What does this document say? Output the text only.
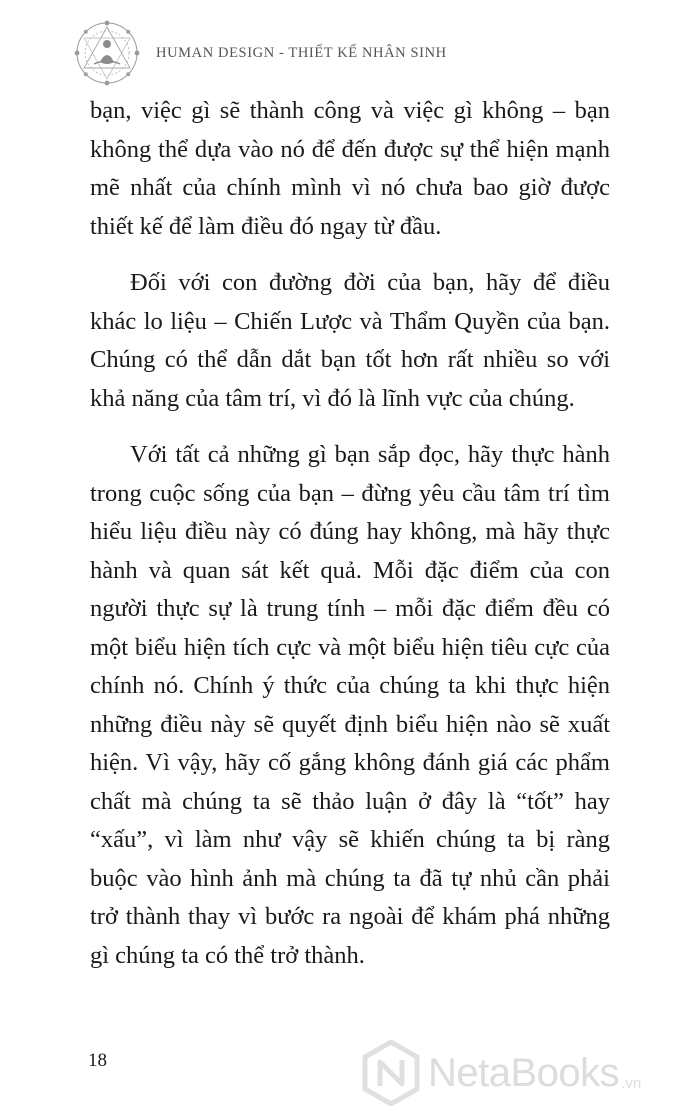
HUMAN DESIGN - THIẾT KẾ NHÂN SINH

bạn, việc gì sẽ thành công và việc gì không – bạn không thể dựa vào nó để đến được sự thể hiện mạnh mẽ nhất của chính mình vì nó chưa bao giờ được thiết kế để làm điều đó ngay từ đầu.

Đối với con đường đời của bạn, hãy để điều khác lo liệu – Chiến Lược và Thẩm Quyền của bạn. Chúng có thể dẫn dắt bạn tốt hơn rất nhiều so với khả năng của tâm trí, vì đó là lĩnh vực của chúng.

Với tất cả những gì bạn sắp đọc, hãy thực hành trong cuộc sống của bạn – đừng yêu cầu tâm trí tìm hiểu liệu điều này có đúng hay không, mà hãy thực hành và quan sát kết quả. Mỗi đặc điểm của con người thực sự là trung tính – mỗi đặc điểm đều có một biểu hiện tích cực và một biểu hiện tiêu cực của chính nó. Chính ý thức của chúng ta khi thực hiện những điều này sẽ quyết định biểu hiện nào sẽ xuất hiện. Vì vậy, hãy cố gắng không đánh giá các phẩm chất mà chúng ta sẽ thảo luận ở đây là “tốt” hay “xấu”, vì làm như vậy sẽ khiến chúng ta bị ràng buộc vào hình ảnh mà chúng ta đã tự nhủ cần phải trở thành thay vì bước ra ngoài để khám phá những gì chúng ta có thể trở thành.

18	NetaBooks .vn
